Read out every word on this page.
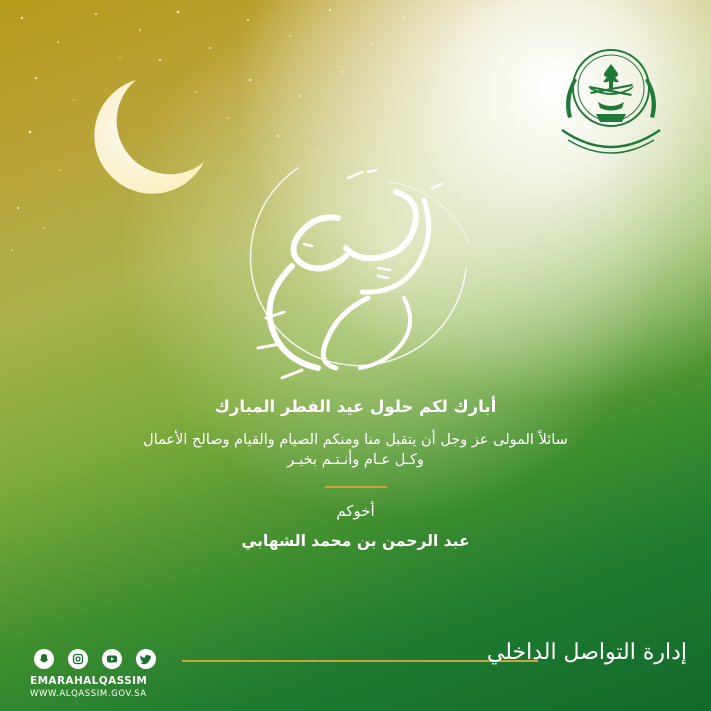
عيد سعيد

أبارك لكم حلول عيد الفطر المبارك

سائلاً المولى عز وجل أن يتقبل منا ومنكم الصيام والقيام وصالح الأعمال

وكـل عـام وأنـتـم بخيـر

أخوكم

عبد الرحمن بن محمد الشهابي

EMARAHALQASSIM
WWW.ALQASSIM.GOV.SA
إدارة التواصل الداخلي
